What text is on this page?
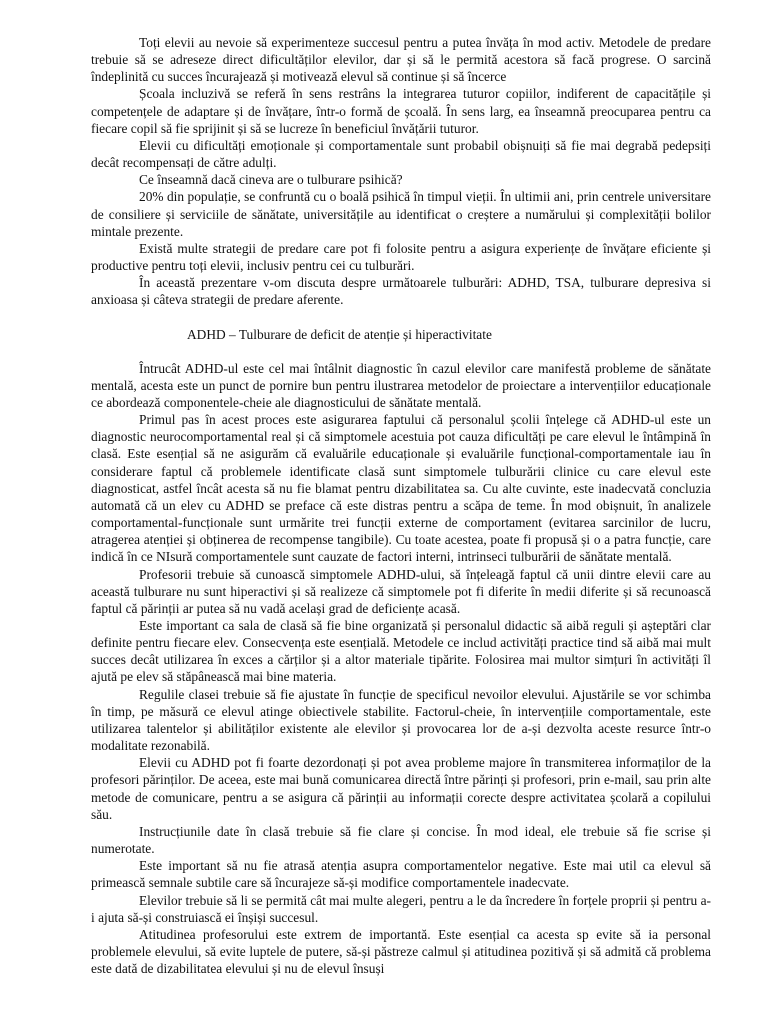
Toți elevii au nevoie să experimenteze succesul pentru a putea învăța în mod activ. Metodele de predare trebuie să se adreseze direct dificultăților elevilor, dar și să le permită acestora să facă progrese. O sarcină îndeplinită cu succes încurajează și motivează elevul să continue și să încerce

Școala incluzivă se referă în sens restrâns la integrarea tuturor copiilor, indiferent de capacitățile și competențele de adaptare și de învățare, într-o formă de școală. În sens larg, ea înseamnă preocuparea pentru ca fiecare copil să fie sprijinit și să se lucreze în beneficiul învățării tuturor.

Elevii cu dificultăți emoționale și comportamentale sunt probabil obișnuiți să fie mai degrabă pedepsiți decât recompensați de către adulți.

Ce înseamnă dacă cineva are o tulburare psihică?

20% din populație, se confruntă cu o boală psihică în timpul vieții. În ultimii ani, prin centrele universitare de consiliere și serviciile de sănătate, universitățile au identificat o creștere a numărului și complexității bolilor mintale prezente.

Există multe strategii de predare care pot fi folosite pentru a asigura experiențe de învățare eficiente și productive pentru toți elevii, inclusiv pentru cei cu tulburări.

În această prezentare v-om discuta despre următoarele tulburări: ADHD, TSA, tulburare depresiva si anxioasa și câteva strategii de predare aferente.

ADHD – Tulburare de deficit de atenție și hiperactivitate

Întrucât ADHD-ul este cel mai întâlnit diagnostic în cazul elevilor care manifestă probleme de sănătate mentală, acesta este un punct de pornire bun pentru ilustrarea metodelor de proiectare a intervențiilor educaționale ce abordează componentele-cheie ale diagnosticului de sănătate mentală.

Primul pas în acest proces este asigurarea faptului că personalul școlii înțelege că ADHD-ul este un diagnostic neurocomportamental real și că simptomele acestuia pot cauza dificultăți pe care elevul le întâmpină în clasă. Este esențial să ne asigurăm că evaluările educaționale și evaluările funcțional-comportamentale iau în considerare faptul că problemele identificate clasă sunt simptomele tulburării clinice cu care elevul este diagnosticat, astfel încât acesta să nu fie blamat pentru dizabilitatea sa. Cu alte cuvinte, este inadecvată concluzia automată că un elev cu ADHD se preface că este distras pentru a scăpa de teme. În mod obișnuit, în analizele comportamental-funcționale sunt urmărite trei funcții externe de comportament (evitarea sarcinilor de lucru, atragerea atenției și obținerea de recompense tangibile). Cu toate acestea, poate fi propusă și o a patra funcție, care indică în ce NIsură comportamentele sunt cauzate de factori interni, intrinseci tulburării de sănătate mentală.

Profesorii trebuie să cunoască simptomele ADHD-ului, să înțeleagă faptul că unii dintre elevii care au această tulburare nu sunt hiperactivi și să realizeze că simptomele pot fi diferite în medii diferite și să recunoască faptul că părinții ar putea să nu vadă același grad de deficiențe acasă.

Este important ca sala de clasă să fie bine organizată și personalul didactic să aibă reguli și așteptări clar definite pentru fiecare elev. Consecvența este esențială. Metodele ce includ activități practice tind să aibă mai mult succes decât utilizarea în exces a cărților și a altor materiale tipărite. Folosirea mai multor simțuri în activități îl ajută pe elev să stăpânească mai bine materia.

Regulile clasei trebuie să fie ajustate în funcție de specificul nevoilor elevului. Ajustările se vor schimba în timp, pe măsură ce elevul atinge obiectivele stabilite. Factorul-cheie, în intervențiile comportamentale, este utilizarea talentelor și abilităților existente ale elevilor și provocarea lor de a-și dezvolta aceste resurce într-o modalitate rezonabilă.

Elevii cu ADHD pot fi foarte dezordonați și pot avea probleme majore în transmiterea informaților de la profesori părinților. De aceea, este mai bună comunicarea directă între părinți și profesori, prin e-mail, sau prin alte metode de comunicare, pentru a se asigura că părinții au informații corecte despre activitatea școlară a copilului său.

Instrucțiunile date în clasă trebuie să fie clare și concise. În mod ideal, ele trebuie să fie scrise și numerotate.

Este important să nu fie atrasă atenția asupra comportamentelor negative. Este mai util ca elevul să primească semnale subtile care să încurajeze să-și modifice comportamentele inadecvate.

Elevilor trebuie să li se permită cât mai multe alegeri, pentru a le da încredere în forțele proprii și pentru a-i ajuta să-și construiască ei înșiși succesul.

Atitudinea profesorului este extrem de importantă. Este esențial ca acesta sp evite să ia personal problemele elevului, să evite luptele de putere, să-și păstreze calmul și atitudinea pozitivă și să admită că problema este dată de dizabilitatea elevului și nu de elevul însuși
